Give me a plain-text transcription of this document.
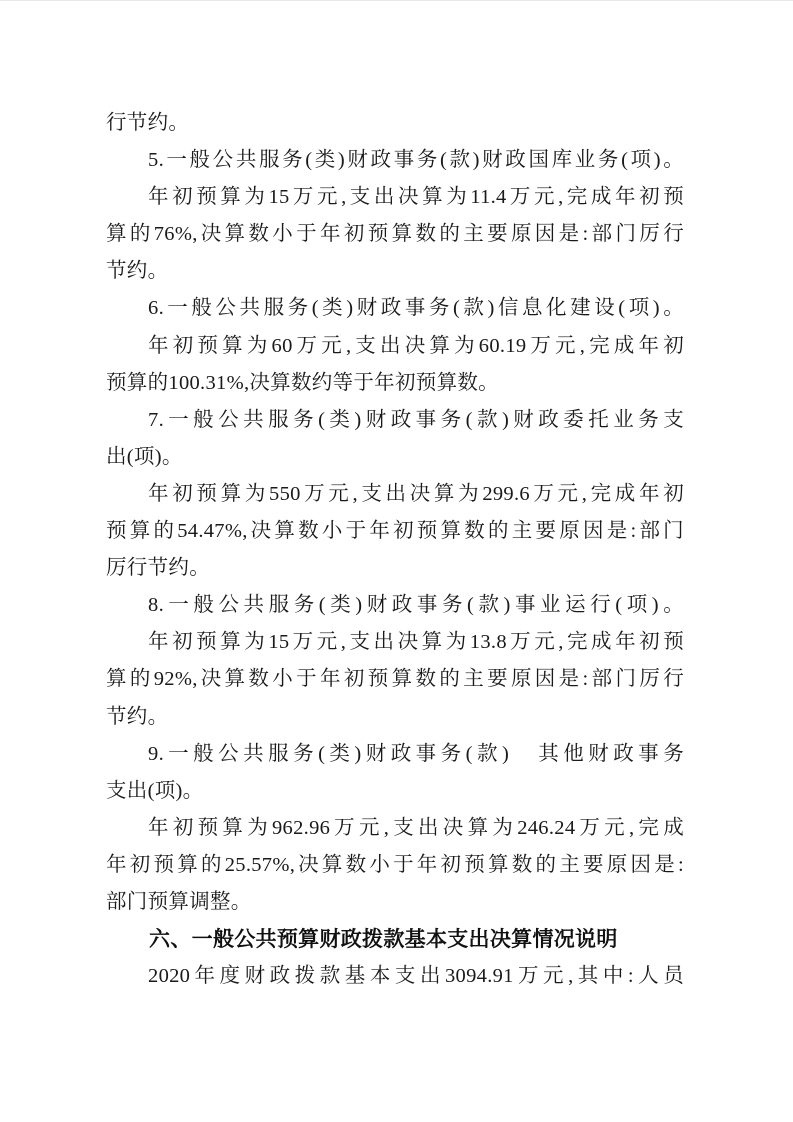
行节约。
5.一般公共服务(类)财政事务(款)财政国库业务(项)。
年初预算为15万元,支出决算为11.4万元,完成年初预
算的76%,决算数小于年初预算数的主要原因是:部门厉行
节约。
6.一般公共服务(类)财政事务(款)信息化建设(项)。
年初预算为60万元,支出决算为60.19万元,完成年初
预算的100.31%,决算数约等于年初预算数。
7.一般公共服务(类)财政事务(款)财政委托业务支
出(项)。
年初预算为550万元,支出决算为299.6万元,完成年初
预算的54.47%,决算数小于年初预算数的主要原因是:部门
厉行节约。
8.一般公共服务(类)财政事务(款)事业运行(项)。
年初预算为15万元,支出决算为13.8万元,完成年初预
算的92%,决算数小于年初预算数的主要原因是:部门厉行
节约。
9.一般公共服务(类)财政事务(款)　其他财政事务
支出(项)。
年初预算为962.96万元,支出决算为246.24万元,完成
年初预算的25.57%,决算数小于年初预算数的主要原因是:
部门预算调整。
六、一般公共预算财政拨款基本支出决算情况说明
2020年度财政拨款基本支出3094.91万元,其中:人员
